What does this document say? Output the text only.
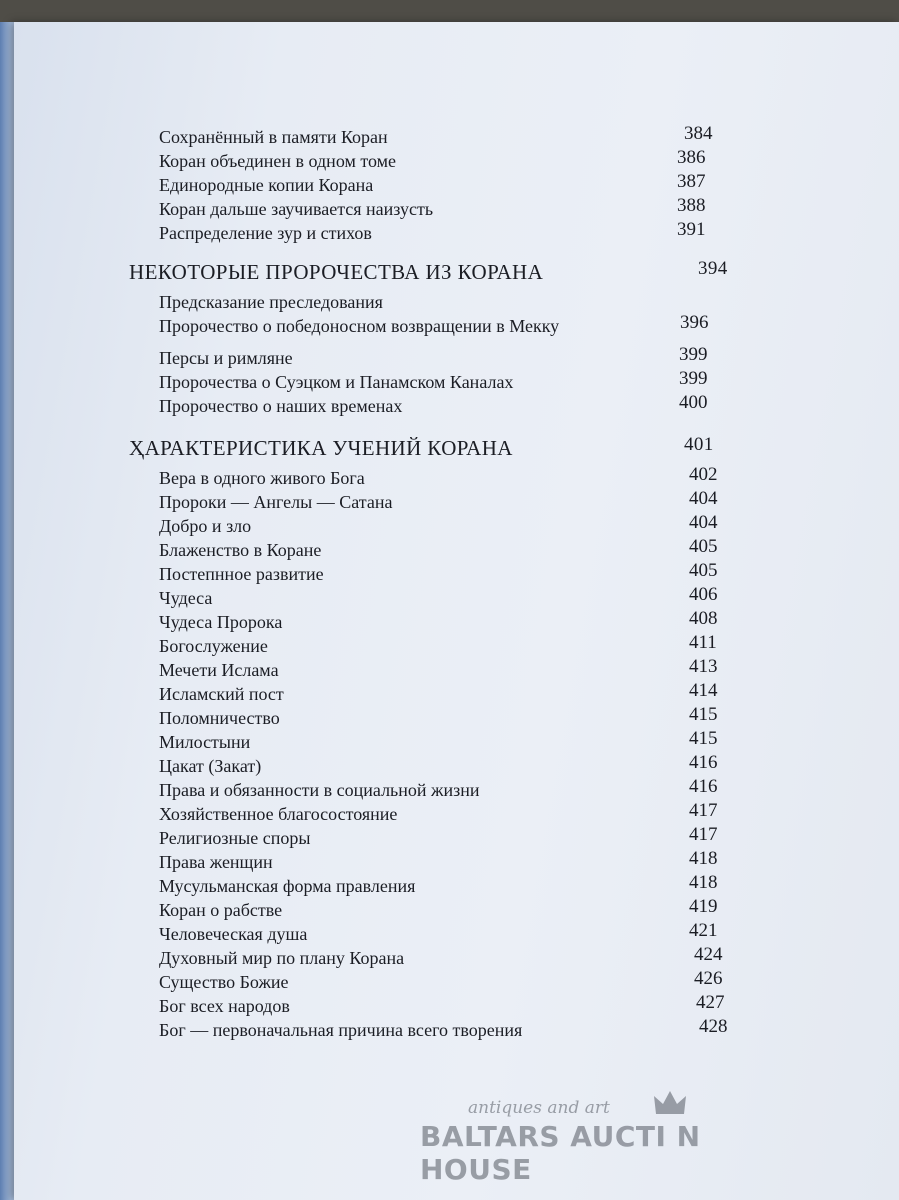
Сохранённый в памяти Коран	384
Коран объединен в одном томе	386
Единородные копии Корана	387
Коран дальше заучивается наизусть	388
Распределение зур и стихов	391
НЕКОТОРЫЕ ПРОРОЧЕСТВА ИЗ КОРАНА	394
Предсказание преследования
Пророчество о победоносном возвращении в Мекку	396
Персы и римляне	399
Пророчества о Суэцком и Панамском Каналах	399
Пророчество о наших временах	400
ҲАРАКТЕРИСТИКА УЧЕНИЙ КОРАНА	401
Вера в одного живого Бога	402
Пророки — Ангелы — Сатана	404
Добро и зло	404
Блаженство в Коране	405
Постепнное развитие	405
Чудеса	406
Чудеса Пророка	408
Богослужение	411
Мечети Ислама	413
Исламский пост	414
Поломничество	415
Милостыни	415
Цакат (Закат)	416
Права и обязанности в социальной жизни	416
Хозяйственное благосостояние	417
Религиозные споры	417
Права женщин	418
Мусульманская форма правления	418
Коран о рабстве	419
Человеческая душа	421
Духовный мир по плану Корана	424
Существо Божие	426
Бог всех народов	427
Бог — первоначальная причина всего творения	428
antiques and art
BALTARS AUCTI N HOUSE
